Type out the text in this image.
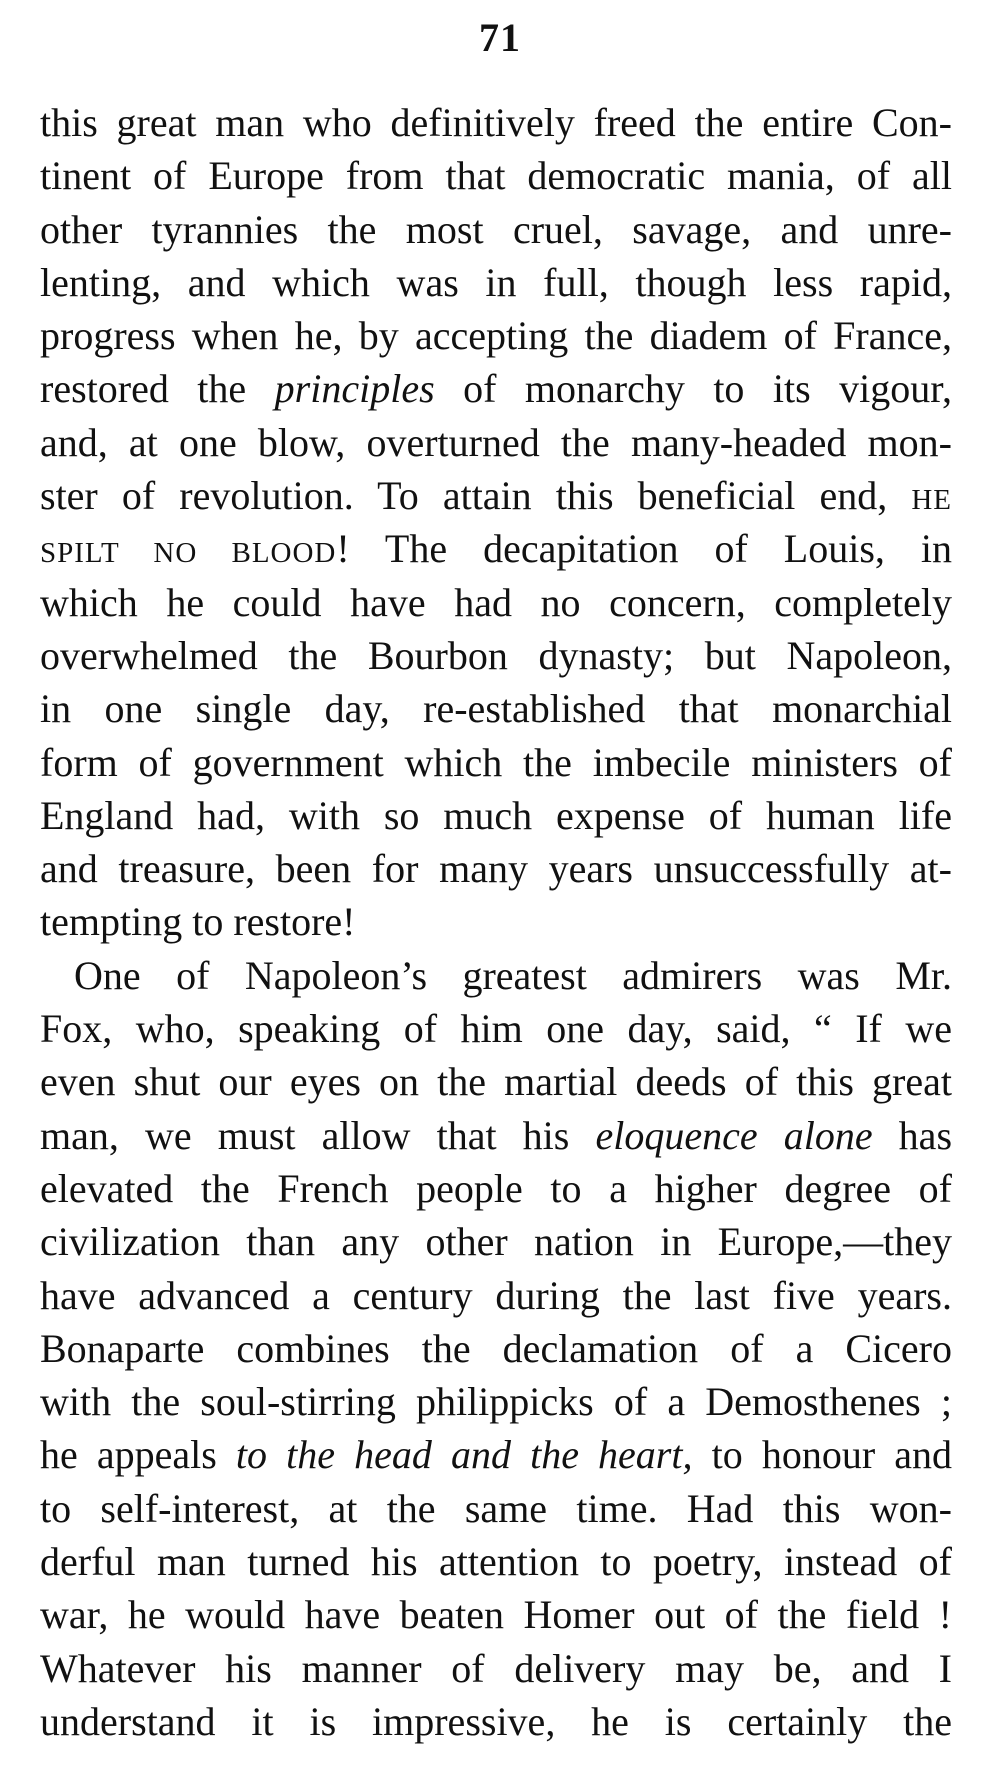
71
this great man who definitively freed the entire Con-
tinent of Europe from that democratic mania, of all
other tyrannies the most cruel, savage, and unre-
lenting, and which was in full, though less rapid,
progress when he, by accepting the diadem of France,
restored the principles of monarchy to its vigour,
and, at one blow, overturned the many-headed mon-
ster of revolution. To attain this beneficial end, HE
SPILT NO BLOOD! The decapitation of Louis, in
which he could have had no concern, completely
overwhelmed the Bourbon dynasty; but Napoleon,
in one single day, re-established that monarchial
form of government which the imbecile ministers of
England had, with so much expense of human life
and treasure, been for many years unsuccessfully at-
tempting to restore!
One of Napoleon’s greatest admirers was Mr.
Fox, who, speaking of him one day, said, “ If we
even shut our eyes on the martial deeds of this great
man, we must allow that his eloquence alone has
elevated the French people to a higher degree of
civilization than any other nation in Europe,—they
have advanced a century during the last five years.
Bonaparte combines the declamation of a Cicero
with the soul-stirring philippicks of a Demosthenes ;
he appeals to the head and the heart, to honour and
to self-interest, at the same time. Had this won-
derful man turned his attention to poetry, instead of
war, he would have beaten Homer out of the field !
Whatever his manner of delivery may be, and I
understand it is impressive, he is certainly the
